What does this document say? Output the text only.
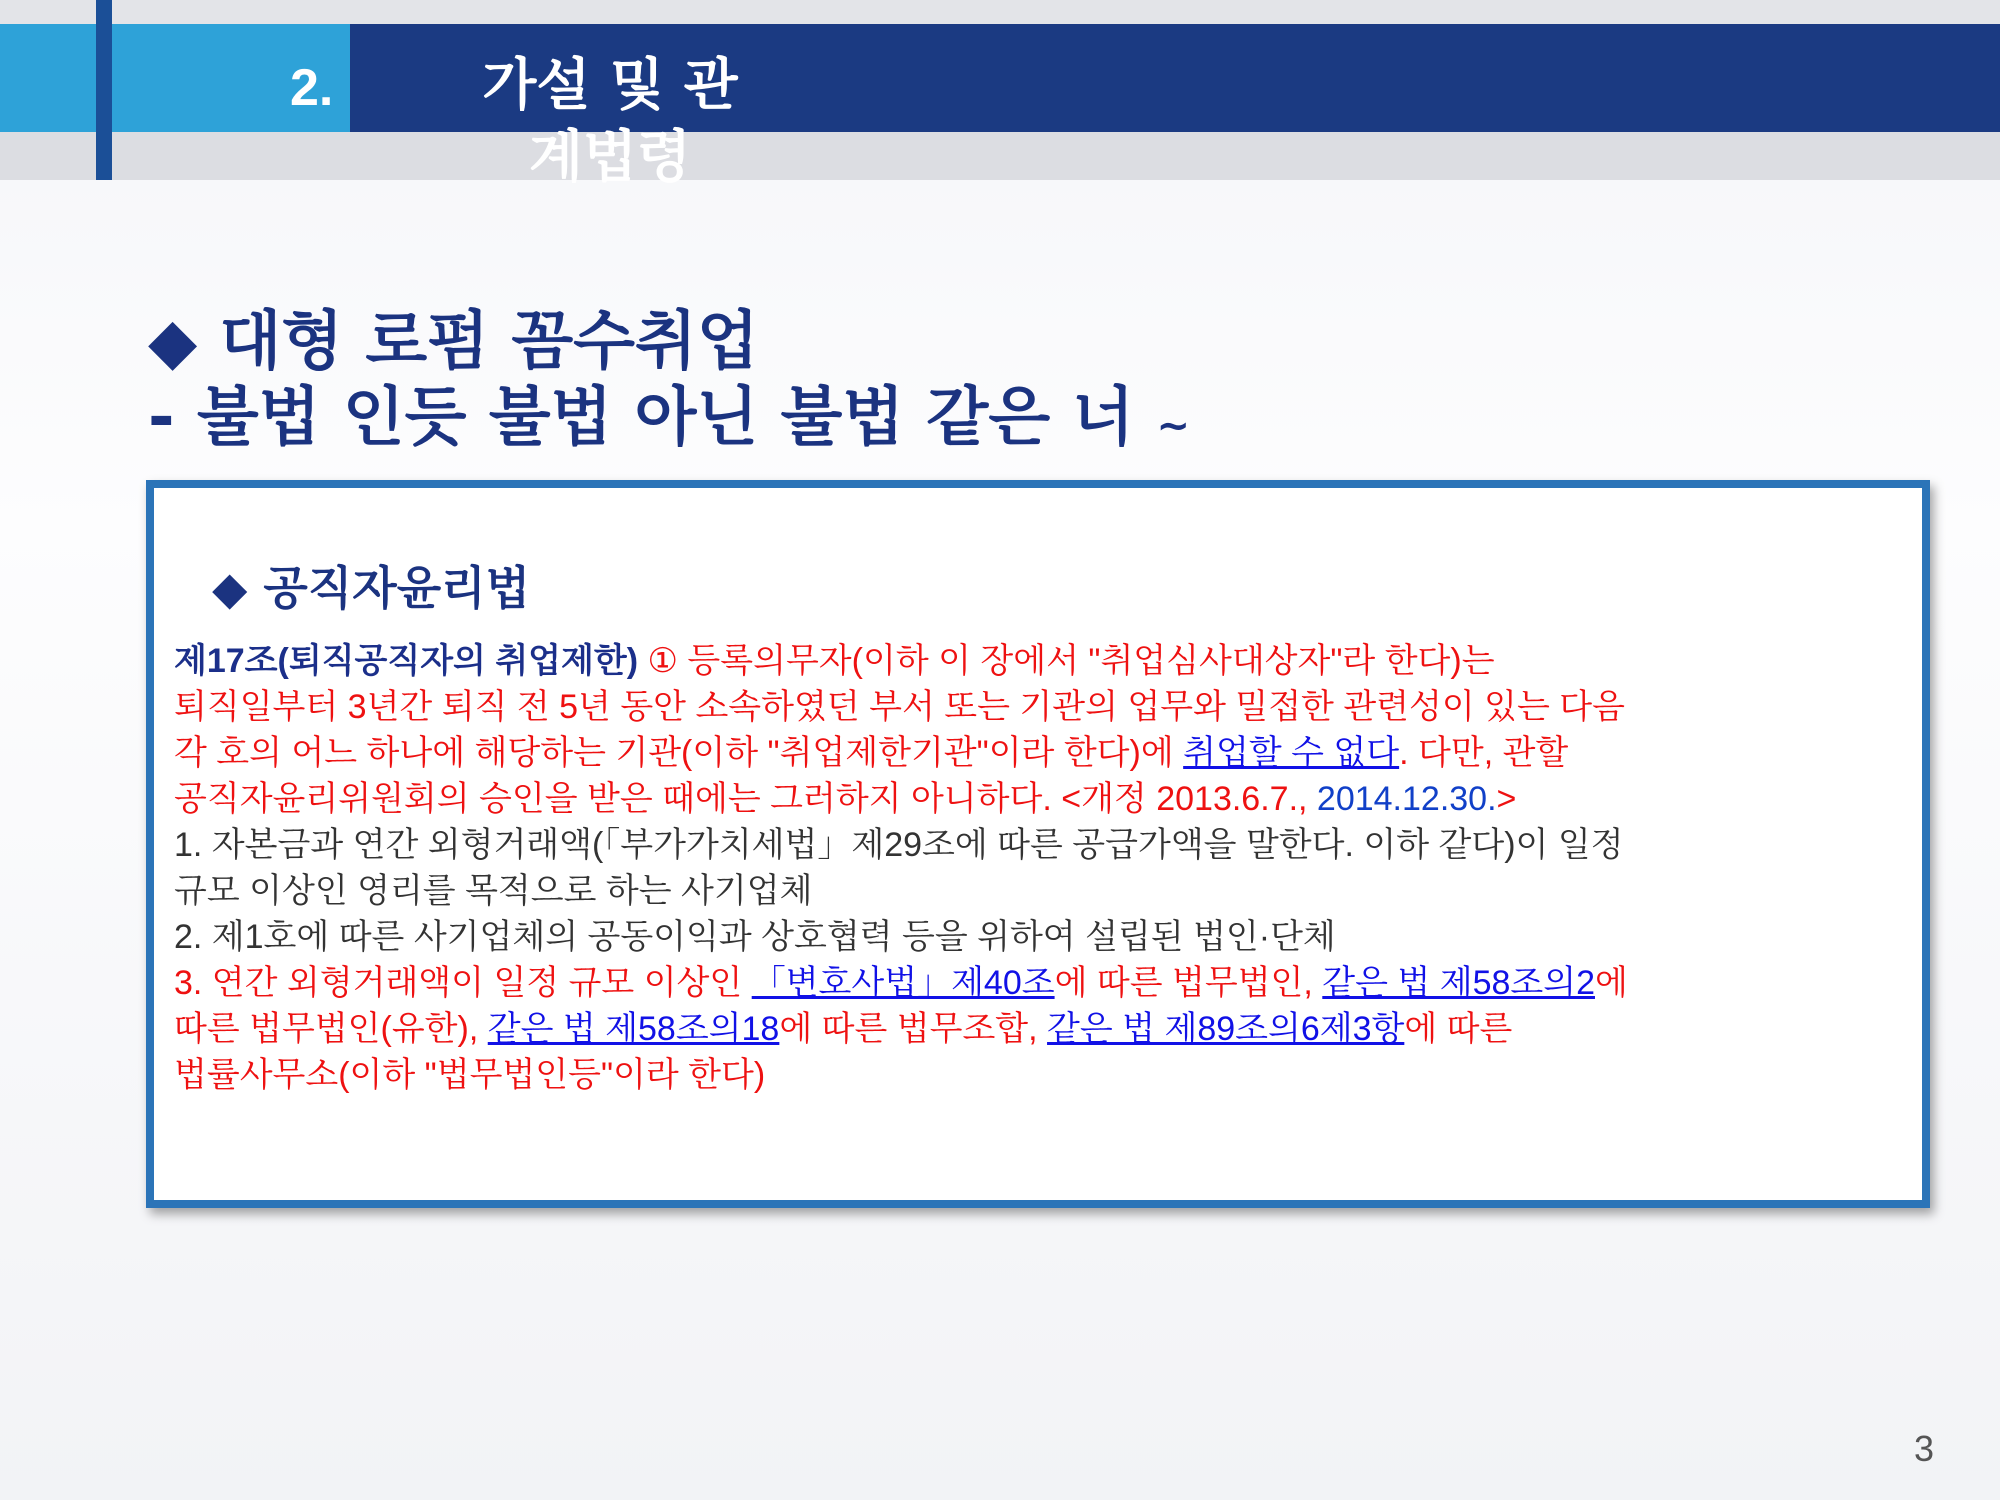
2.	가설 및 관계법령
◆ 대형 로펌 꼼수취업
- 불법 인듯 불법 아닌 불법 같은 너 ~
◆ 공직자윤리법
제17조(퇴직공직자의 취업제한) ① 등록의무자(이하 이 장에서 "취업심사대상자"라 한다)는
퇴직일부터 3년간 퇴직 전 5년 동안 소속하였던 부서 또는 기관의 업무와 밀접한 관련성이 있는 다음
각 호의 어느 하나에 해당하는 기관(이하 "취업제한기관"이라 한다)에 취업할 수 없다. 다만, 관할
공직자윤리위원회의 승인을 받은 때에는 그러하지 아니하다. <개정 2013.6.7., 2014.12.30.>
1. 자본금과 연간 외형거래액(「부가가치세법」제29조에 따른 공급가액을 말한다. 이하 같다)이 일정
규모 이상인 영리를 목적으로 하는 사기업체
2. 제1호에 따른 사기업체의 공동이익과 상호협력 등을 위하여 설립된 법인·단체
3. 연간 외형거래액이 일정 규모 이상인 「변호사법」제40조에 따른 법무법인, 같은 법 제58조의2에
따른 법무법인(유한), 같은 법 제58조의18에 따른 법무조합, 같은 법 제89조의6제3항에 따른
법률사무소(이하 "법무법인등"이라 한다)
3
